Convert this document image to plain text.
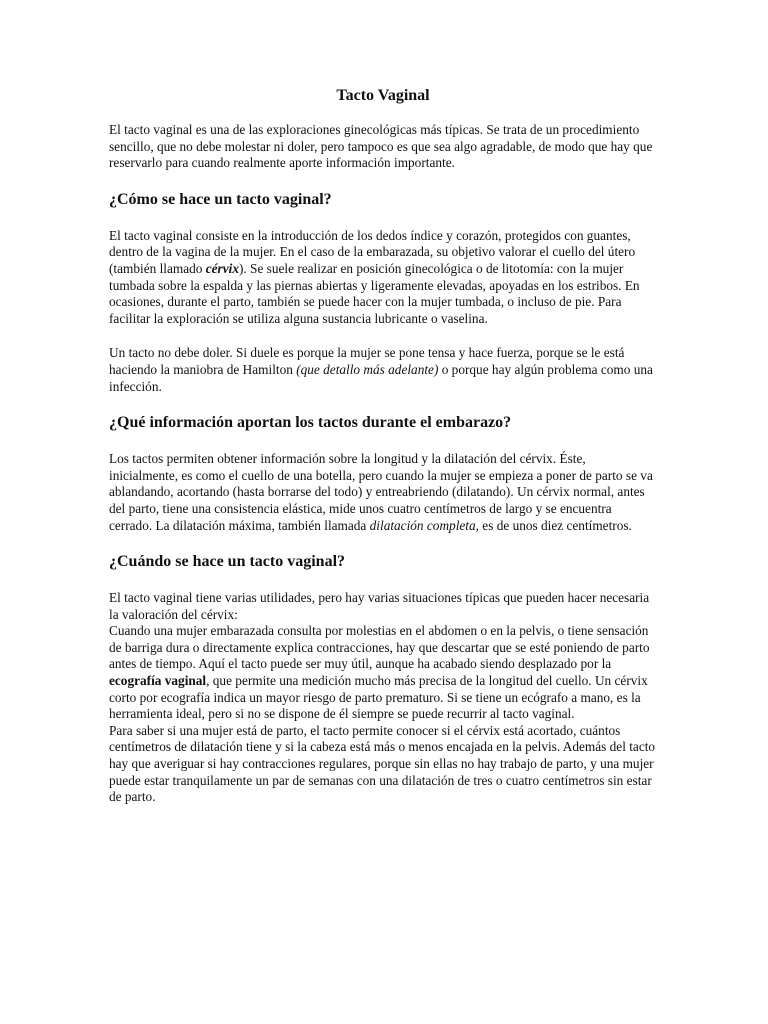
Tacto Vaginal

El tacto vaginal es una de las exploraciones ginecológicas más típicas. Se trata de un procedimiento sencillo, que no debe molestar ni doler, pero tampoco es que sea algo agradable, de modo que hay que reservarlo para cuando realmente aporte información importante.

¿Cómo se hace un tacto vaginal?

El tacto vaginal consiste en la introducción de los dedos índice y corazón, protegidos con guantes, dentro de la vagina de la mujer. En el caso de la embarazada, su objetivo valorar el cuello del útero (también llamado cérvix). Se suele realizar en posición ginecológica o de litotomía: con la mujer tumbada sobre la espalda y las piernas abiertas y ligeramente elevadas, apoyadas en los estribos. En ocasiones, durante el parto, también se puede hacer con la mujer tumbada, o incluso de pie. Para facilitar la exploración se utiliza alguna sustancia lubricante o vaselina.

Un tacto no debe doler. Si duele es porque la mujer se pone tensa y hace fuerza, porque se le está haciendo la maniobra de Hamilton (que detallo más adelante) o porque hay algún problema como una infección.

¿Qué información aportan los tactos durante el embarazo?

Los tactos permiten obtener información sobre la longitud y la dilatación del cérvix. Éste, inicialmente, es como el cuello de una botella, pero cuando la mujer se empieza a poner de parto se va ablandando, acortando (hasta borrarse del todo) y entreabriendo (dilatando). Un cérvix normal, antes del parto, tiene una consistencia elástica, mide unos cuatro centímetros de largo y se encuentra cerrado. La dilatación máxima, también llamada dilatación completa, es de unos diez centímetros.

¿Cuándo se hace un tacto vaginal?

El tacto vaginal tiene varias utilidades, pero hay varias situaciones típicas que pueden hacer necesaria la valoración del cérvix:

Cuando una mujer embarazada consulta por molestias en el abdomen o en la pelvis, o tiene sensación de barriga dura o directamente explica contracciones, hay que descartar que se esté poniendo de parto antes de tiempo. Aquí el tacto puede ser muy útil, aunque ha acabado siendo desplazado por la ecografía vaginal, que permite una medición mucho más precisa de la longitud del cuello. Un cérvix corto por ecografía indica un mayor riesgo de parto prematuro. Si se tiene un ecógrafo a mano, es la herramienta ideal, pero si no se dispone de él siempre se puede recurrir al tacto vaginal.

Para saber si una mujer está de parto, el tacto permite conocer si el cérvix está acortado, cuántos centímetros de dilatación tiene y si la cabeza está más o menos encajada en la pelvis. Además del tacto hay que averiguar si hay contracciones regulares, porque sin ellas no hay trabajo de parto, y una mujer puede estar tranquilamente un par de semanas con una dilatación de tres o cuatro centímetros sin estar de parto.
